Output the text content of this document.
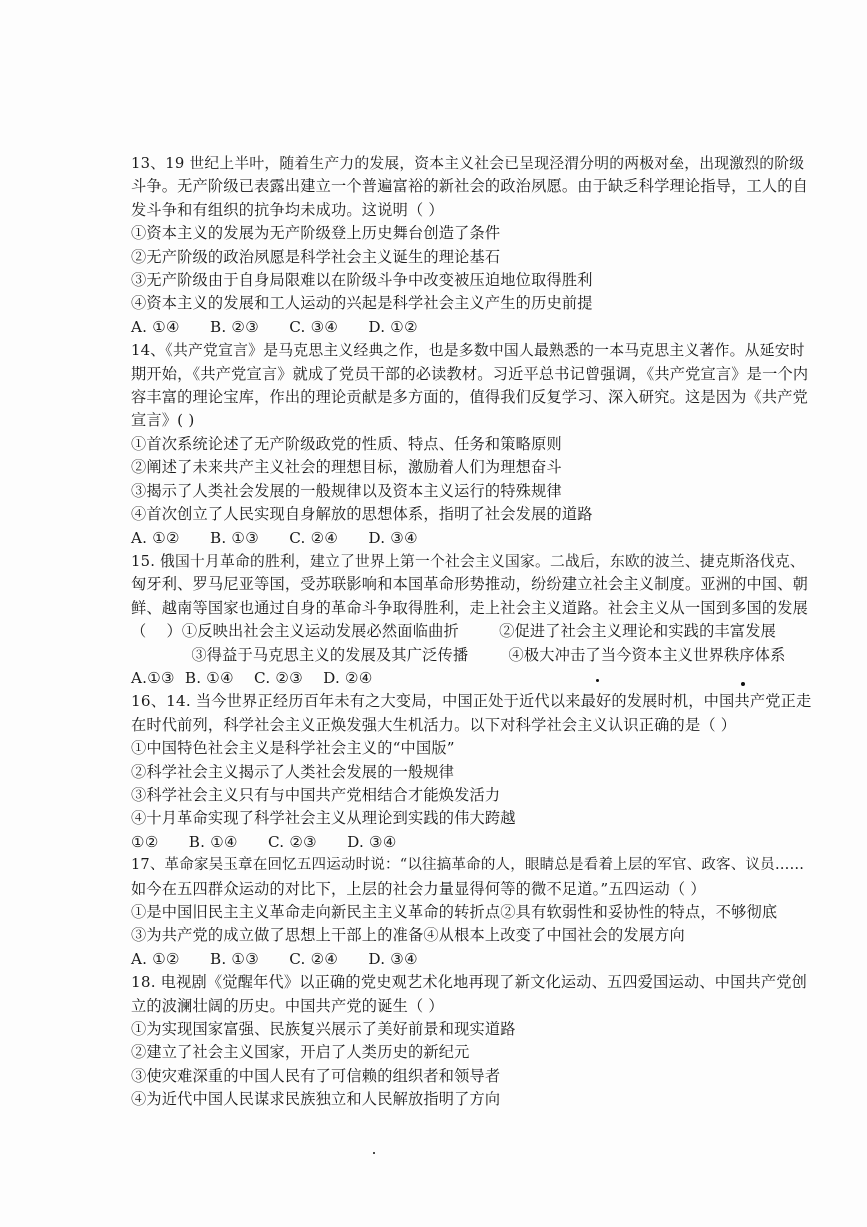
13、19 世纪上半叶，随着生产力的发展，资本主义社会已呈现泾渭分明的两极对垒，出现激烈的阶级
斗争。无产阶级已表露出建立一个普遍富裕的新社会的政治夙愿。由于缺乏科学理论指导，工人的自
发斗争和有组织的抗争均未成功。这说明（ ）
①资本主义的发展为无产阶级登上历史舞台创造了条件
②无产阶级的政治夙愿是科学社会主义诞生的理论基石
③无产阶级由于自身局限难以在阶级斗争中改变被压迫地位取得胜利
④资本主义的发展和工人运动的兴起是科学社会主义产生的历史前提
A. ①④      B. ②③      C. ③④      D. ①②
14、《共产党宣言》是马克思主义经典之作，也是多数中国人最熟悉的一本马克思主义著作。从延安时
期开始，《共产党宣言》就成了党员干部的必读教材。习近平总书记曾强调，《共产党宣言》是一个内
容丰富的理论宝库，作出的理论贡献是多方面的，值得我们反复学习、深入研究。这是因为《共产党
宣言》( )
①首次系统论述了无产阶级政党的性质、特点、任务和策略原则
②阐述了未来共产主义社会的理想目标，激励着人们为理想奋斗
③揭示了人类社会发展的一般规律以及资本主义运行的特殊规律
④首次创立了人民实现自身解放的思想体系，指明了社会发展的道路
A. ①②      B. ①③      C. ②④      D. ③④
15. 俄国十月革命的胜利，建立了世界上第一个社会主义国家。二战后，东欧的波兰、捷克斯洛伐克、
匈牙利、罗马尼亚等国，受苏联影响和本国革命形势推动，纷纷建立社会主义制度。亚洲的中国、朝
鲜、越南等国家也通过自身的革命斗争取得胜利，走上社会主义道路。社会主义从一国到多国的发展
（    ）①反映出社会主义运动发展必然面临曲折        ②促进了社会主义理论和实践的丰富发展
③得益于马克思主义的发展及其广泛传播        ④极大冲击了当今资本主义世界秩序体系
A.①③  B. ①④    C. ②③    D. ②④
16、14. 当今世界正经历百年未有之大变局，中国正处于近代以来最好的发展时机，中国共产党正走
在时代前列，科学社会主义正焕发强大生机活力。以下对科学社会主义认识正确的是（ ）
①中国特色社会主义是科学社会主义的“中国版”
②科学社会主义揭示了人类社会发展的一般规律
③科学社会主义只有与中国共产党相结合才能焕发活力
④十月革命实现了科学社会主义从理论到实践的伟大跨越
①②      B. ①④      C. ②③      D. ③④
17、革命家吴玉章在回忆五四运动时说：“以往搞革命的人，眼睛总是看着上层的军官、政客、议员……
如今在五四群众运动的对比下，上层的社会力量显得何等的微不足道。”五四运动（ ）
①是中国旧民主主义革命走向新民主主义革命的转折点②具有软弱性和妥协性的特点，不够彻底
③为共产党的成立做了思想上干部上的准备④从根本上改变了中国社会的发展方向
A. ①②      B. ①③      C. ②④      D. ③④
18. 电视剧《觉醒年代》以正确的党史观艺术化地再现了新文化运动、五四爱国运动、中国共产党创
立的波澜壮阔的历史。中国共产党的诞生（ ）
①为实现国家富强、民族复兴展示了美好前景和现实道路
②建立了社会主义国家，开启了人类历史的新纪元
③使灾难深重的中国人民有了可信赖的组织者和领导者
④为近代中国人民谋求民族独立和人民解放指明了方向
